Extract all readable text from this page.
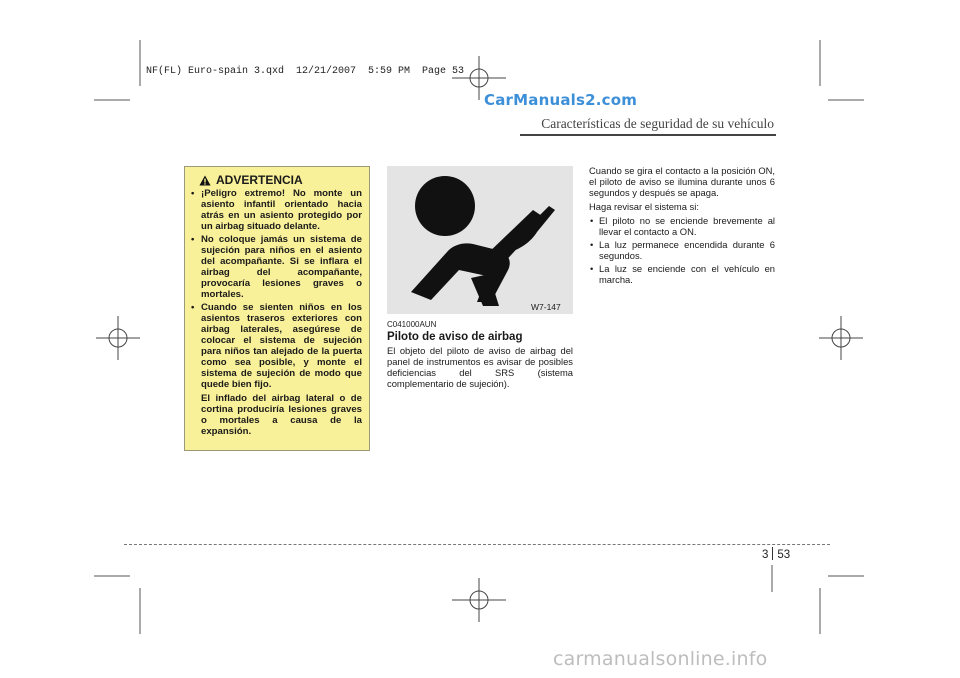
NF(FL) Euro-spain 3.qxd  12/21/2007  5:59 PM  Page 53
CarManuals2.com
Características de seguridad de su vehículo
ADVERTENCIA
• ¡Peligro extremo! No monte un asiento infantil orientado hacia atrás en un asiento protegido por un airbag situado delante.
• No coloque jamás un sistema de sujeción para niños en el asiento del acompañante. Si se inflara el airbag del acompañante, provocaría lesiones graves o mortales.
• Cuando se sienten niños en los asientos traseros exteriores con airbag laterales, asegúrese de colocar el sistema de sujeción para niños tan alejado de la puerta como sea posible, y monte el sistema de sujeción de modo que quede bien fijo.
El inflado del airbag lateral o de cortina produciría lesiones graves o mortales a causa de la expansión.
W7-147
C041000AUN
Piloto de aviso de airbag
El objeto del piloto de aviso de airbag del panel de instrumentos es avisar de posibles deficiencias del SRS (sistema complementario de sujeción).

Cuando se gira el contacto a la posición ON, el piloto de aviso se ilumina durante unos 6 segundos y después se apaga.

Haga revisar el sistema si:

• El piloto no se enciende brevemente al llevar el contacto a ON.
• La luz permanece encendida durante 6 segundos.
• La luz se enciende con el vehículo en marcha.
3 53
carmanualsonline.info
